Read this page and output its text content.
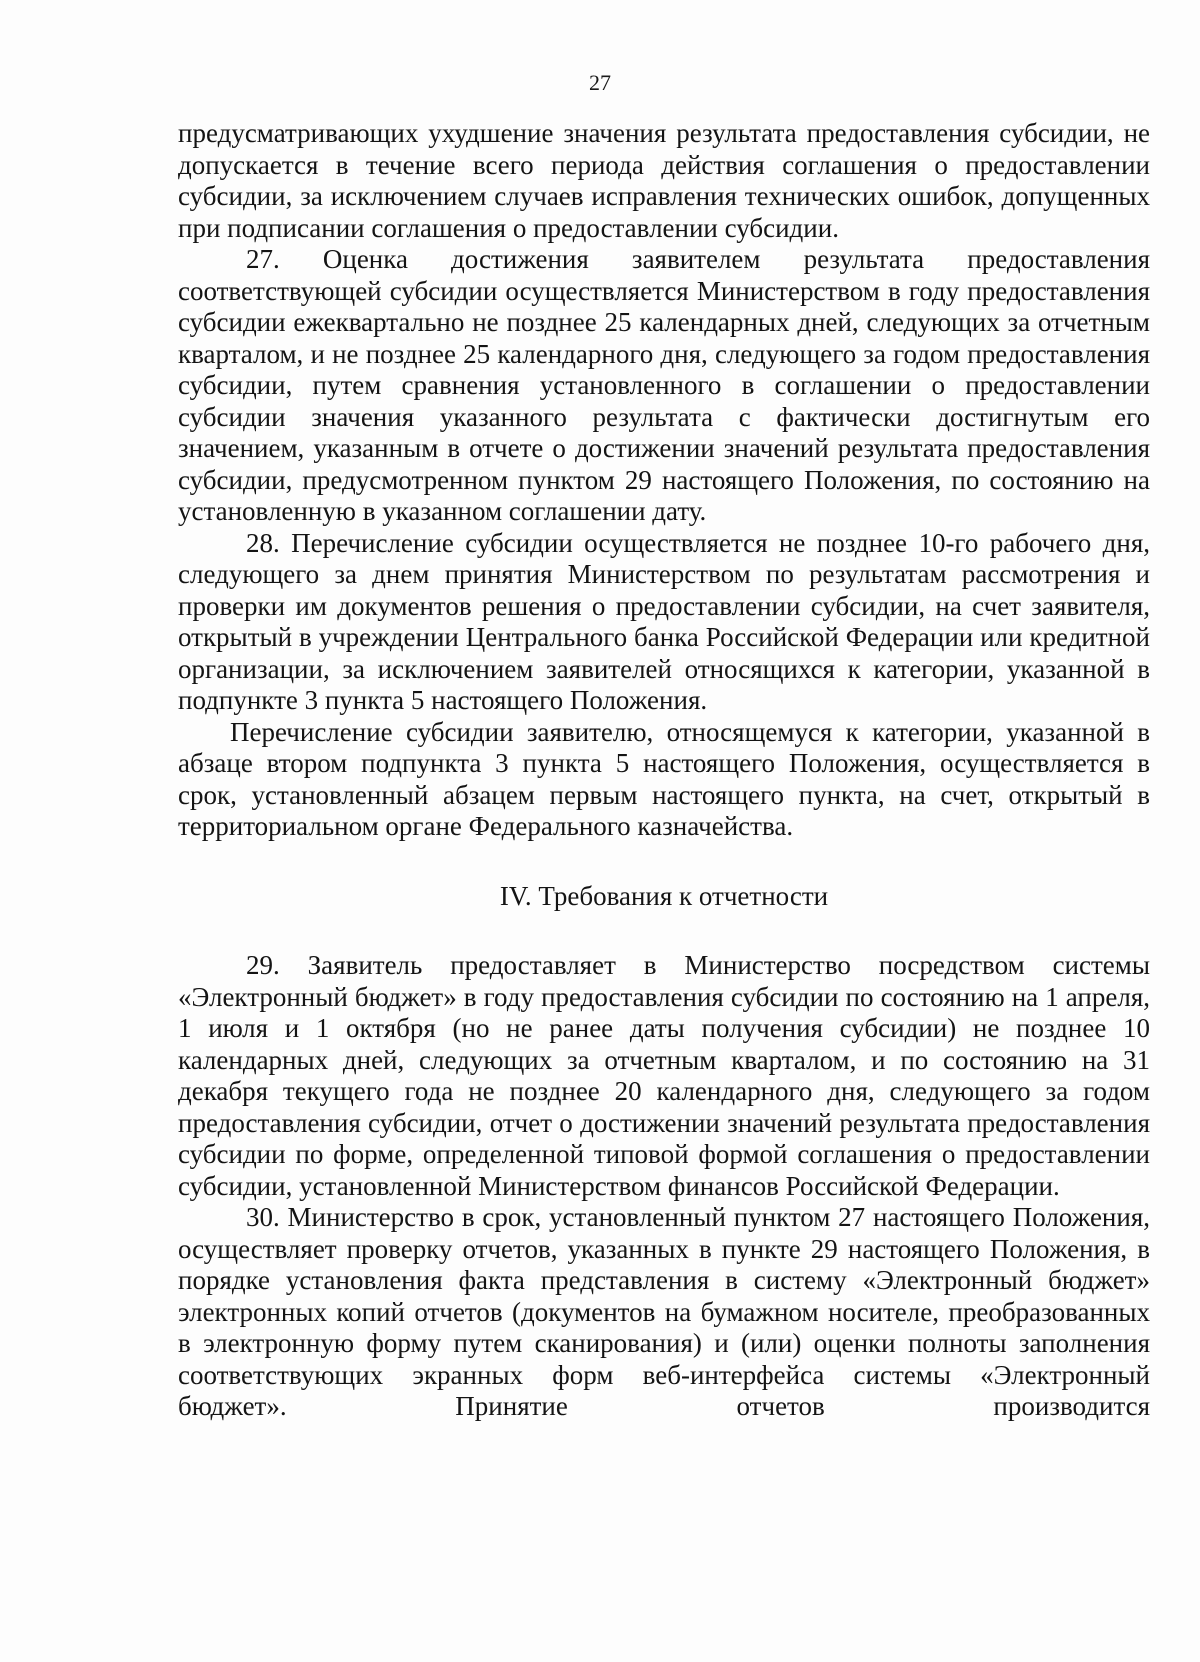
27

предусматривающих ухудшение значения результата предоставления субсидии, не допускается в течение всего периода действия соглашения о предоставлении субсидии, за исключением случаев исправления технических ошибок, допущенных при подписании соглашения о предоставлении субсидии.

27. Оценка достижения заявителем результата предоставления соответствующей субсидии осуществляется Министерством в году предоставления субсидии ежеквартально не позднее 25 календарных дней, следующих за отчетным кварталом, и не позднее 25 календарного дня, следующего за годом предоставления субсидии, путем сравнения установленного в соглашении о предоставлении субсидии значения указанного результата с фактически достигнутым его значением, указанным в отчете о достижении значений результата предоставления субсидии, предусмотренном пунктом 29 настоящего Положения, по состоянию на установленную в указанном соглашении дату.

28. Перечисление субсидии осуществляется не позднее 10-го рабочего дня, следующего за днем принятия Министерством по результатам рассмотрения и проверки им документов решения о предоставлении субсидии, на счет заявителя, открытый в учреждении Центрального банка Российской Федерации или кредитной организации, за исключением заявителей относящихся к категории, указанной в подпункте 3 пункта 5 настоящего Положения.

Перечисление субсидии заявителю, относящемуся к категории, указанной в абзаце втором подпункта 3 пункта 5 настоящего Положения, осуществляется в срок, установленный абзацем первым настоящего пункта, на счет, открытый в территориальном органе Федерального казначейства.

IV. Требования к отчетности

29. Заявитель предоставляет в Министерство посредством системы «Электронный бюджет» в году предоставления субсидии по состоянию на 1 апреля, 1 июля и 1 октября (но не ранее даты получения субсидии) не позднее 10 календарных дней, следующих за отчетным кварталом, и по состоянию на 31 декабря текущего года не позднее 20 календарного дня, следующего за годом предоставления субсидии, отчет о достижении значений результата предоставления субсидии по форме, определенной типовой формой соглашения о предоставлении субсидии, установленной Министерством финансов Российской Федерации.

30. Министерство в срок, установленный пунктом 27 настоящего Положения, осуществляет проверку отчетов, указанных в пункте 29 настоящего Положения, в порядке установления факта представления в систему «Электронный бюджет» электронных копий отчетов (документов на бумажном носителе, преобразованных в электронную форму путем сканирования) и (или) оценки полноты заполнения соответствующих экранных форм веб-интерфейса системы «Электронный бюджет». Принятие отчетов производится
